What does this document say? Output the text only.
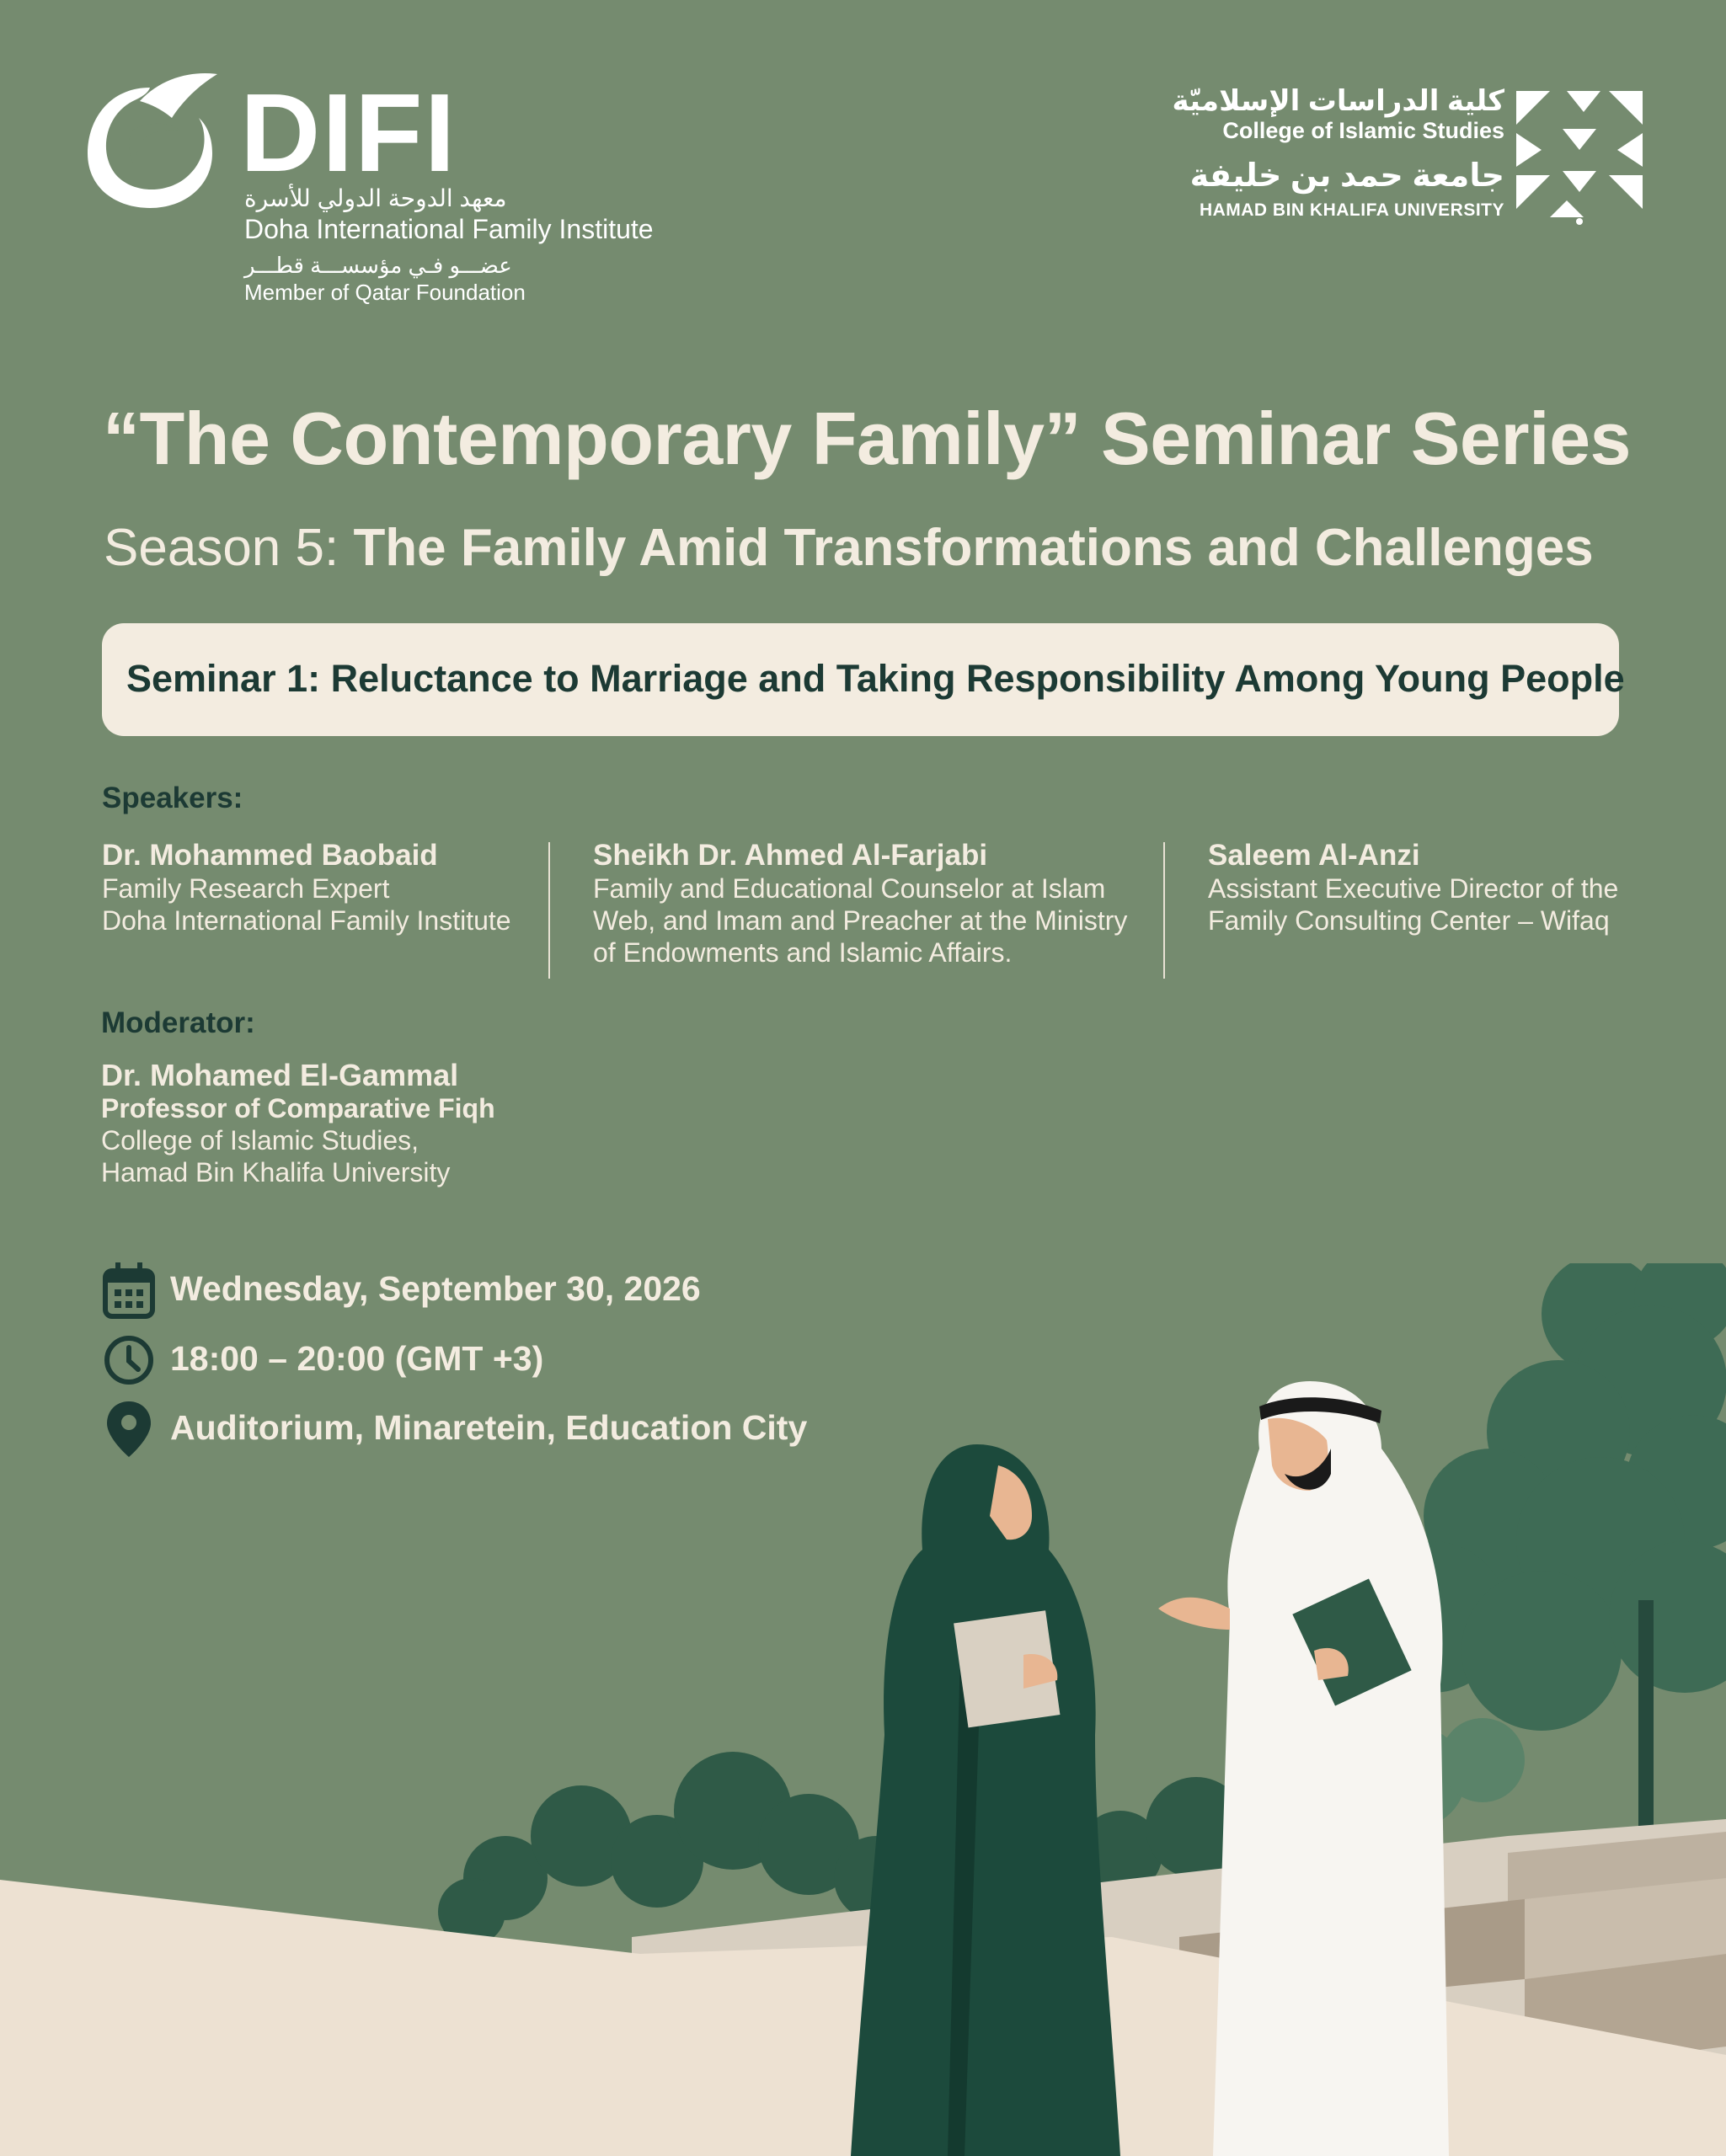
DIFI
معهد الدوحة الدولي للأسرة
Doha International Family Institute
عضـــو فـي مؤسســـة قطـــر
Member of Qatar Foundation
كلية الدراسات الإسلاميّة
College of Islamic Studies
جامعة حمد بن خليفة
HAMAD BIN KHALIFA UNIVERSITY
“The Contemporary Family” Seminar Series
Season 5: The Family Amid Transformations and Challenges
Seminar 1: Reluctance to Marriage and Taking Responsibility Among Young People
Speakers:
Dr. Mohammed Baobaid
Family Research Expert
Doha International Family Institute
Sheikh Dr. Ahmed Al-Farjabi
Family and Educational Counselor at Islam
Web, and Imam and Preacher at the Ministry
of Endowments and Islamic Affairs.
Saleem Al-Anzi
Assistant Executive Director of the
Family Consulting Center – Wifaq
Moderator:
Dr. Mohamed El-Gammal
Professor of Comparative Fiqh
College of Islamic Studies,
Hamad Bin Khalifa University
Wednesday, September 30, 2026
18:00 – 20:00 (GMT +3)
Auditorium, Minaretein, Education City
